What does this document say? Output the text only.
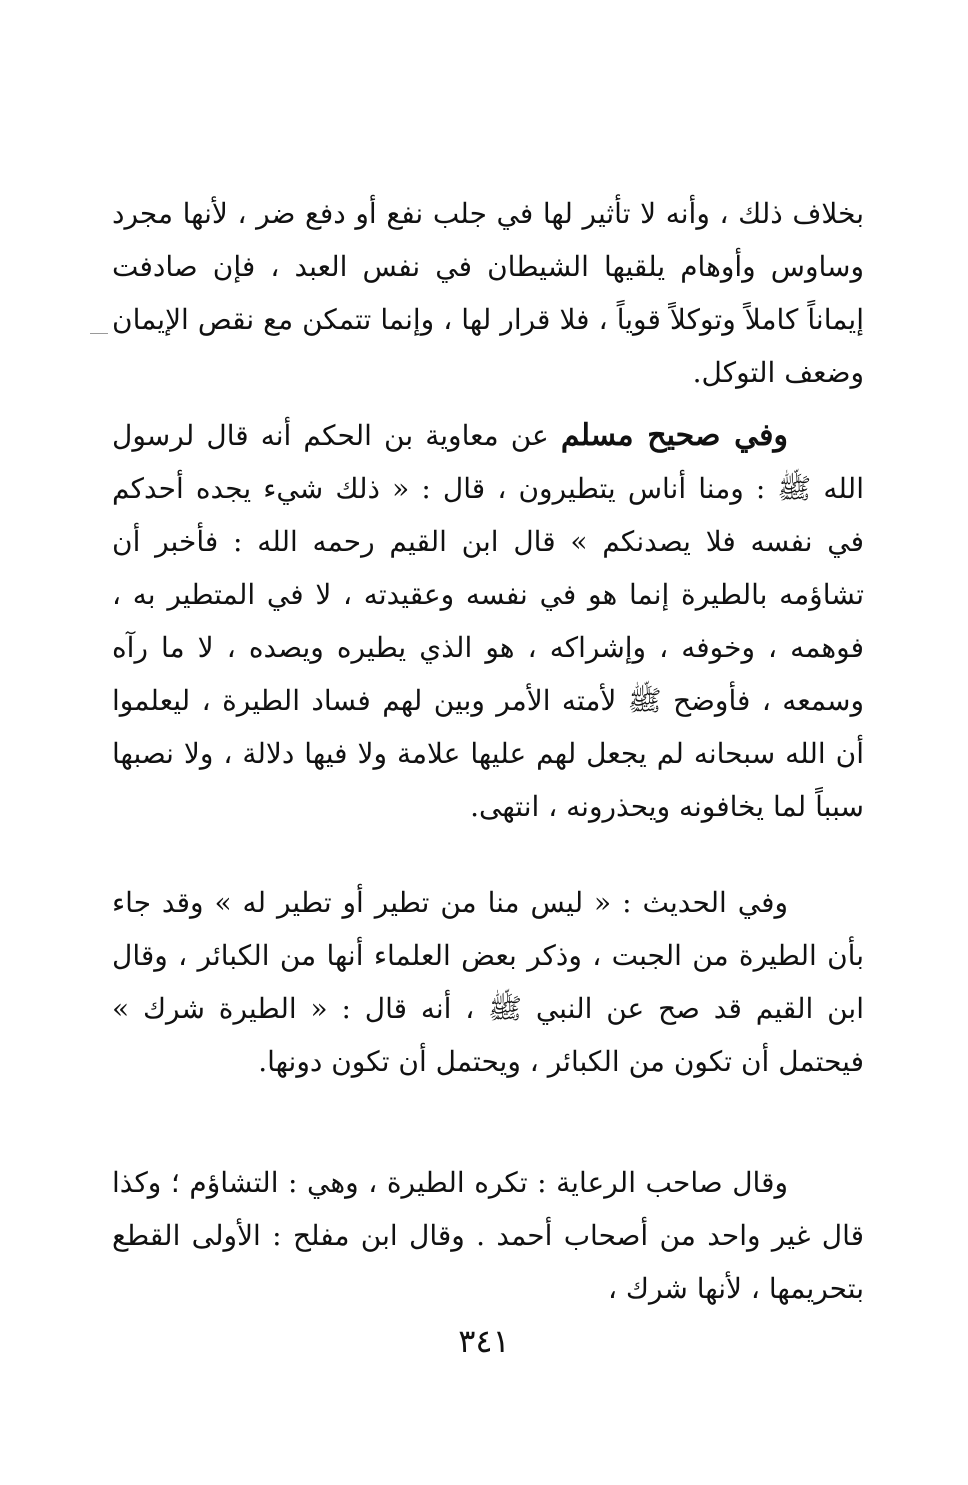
بخلاف ذلك ، وأنه لا تأثير لها في جلب نفع أو دفع ضر ، لأنها مجرد وساوس وأوهام يلقيها الشيطان في نفس العبد ، فإن صادفت إيماناً كاملاً وتوكلاً قوياً ، فلا قرار لها ، وإنما تتمكن مع نقص الإيمان وضعف التوكل.
وفي صحيح مسلم عن معاوية بن الحكم أنه قال لرسول الله ﷺ : ومنا أناس يتطيرون ، قال : « ذلك شيء يجده أحدكم في نفسه فلا يصدنكم » قال ابن القيم رحمه الله : فأخبر أن تشاؤمه بالطيرة إنما هو في نفسه وعقيدته ، لا في المتطير به ، فوهمه ، وخوفه ، وإشراكه ، هو الذي يطيره ويصده ، لا ما رآه وسمعه ، فأوضح ﷺ لأمته الأمر وبين لهم فساد الطيرة ، ليعلموا أن الله سبحانه لم يجعل لهم عليها علامة ولا فيها دلالة ، ولا نصبها سبباً لما يخافونه ويحذرونه ، انتهى.
وفي الحديث : « ليس منا من تطير أو تطير له » وقد جاء بأن الطيرة من الجبت ، وذكر بعض العلماء أنها من الكبائر ، وقال ابن القيم قد صح عن النبي ﷺ ، أنه قال : « الطيرة شرك » فيحتمل أن تكون من الكبائر ، ويحتمل أن تكون دونها.
وقال صاحب الرعاية : تكره الطيرة ، وهي : التشاؤم ؛ وكذا قال غير واحد من أصحاب أحمد . وقال ابن مفلح : الأولى القطع بتحريمها ، لأنها شرك ،
٣٤١
